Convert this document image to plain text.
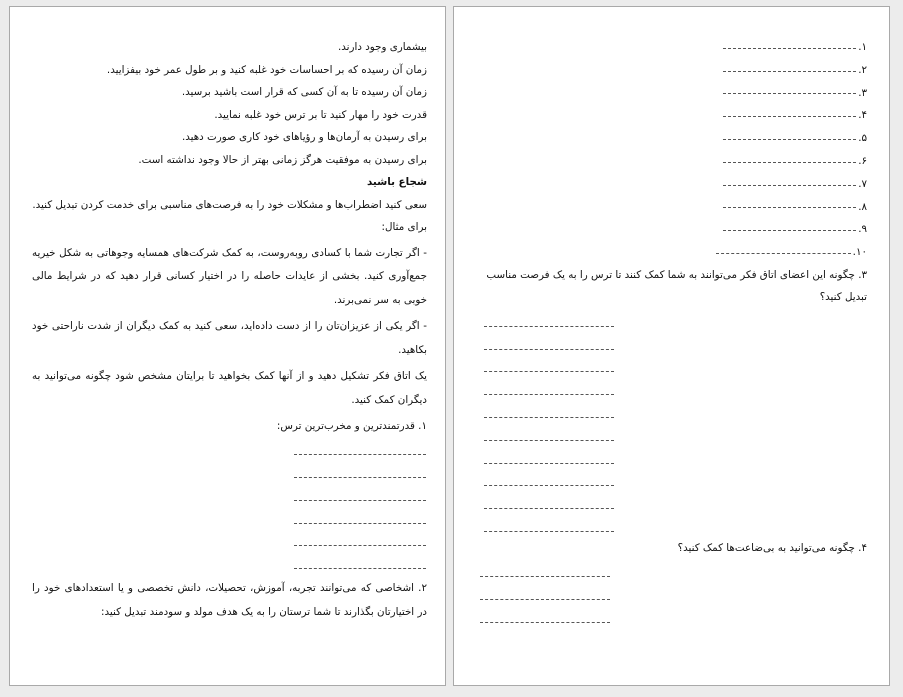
بیشماری وجود دارند.

زمان آن رسیده که بر احساسات خود غلبه کنید و بر طول عمر خود بیفزایید.

زمان آن رسیده تا به آن کسی که قرار است باشید برسید.

قدرت خود را مهار کنید تا بر ترس خود غلبه نمایید.

برای رسیدن به آرمان‌ها و رؤیاهای خود کاری صورت دهید.

برای رسیدن به موفقیت هرگز زمانی بهتر از حالا وجود نداشته است.

شجاع باشید

سعی کنید اضطراب‌ها و مشکلات خود را به فرصت‌های مناسبی برای خدمت کردن تبدیل کنید.

برای مثال:

- اگر تجارت شما با کسادی روبه‌روست، به کمک شرکت‌های همسایه وجوهاتی به شکل خیریه جمع‌آوری کنید. بخشی از عایدات حاصله را در اختیار کسانی قرار دهید که در شرایط مالی خوبی به سر نمی‌برند.

- اگر یکی از عزیزان‌تان را از دست داده‌اید، سعی کنید به کمک دیگران از شدت ناراحتی خود بکاهید.

یک اتاق فکر تشکیل دهید و از آنها کمک بخواهید تا برایتان مشخص شود چگونه می‌توانید به دیگران کمک کنید.

۱. قدرتمندترین و مخرب‌ترین ترس:

۲. اشخاصی که می‌توانند تجربه، آموزش، تحصیلات، دانش تخصصی و یا استعدادهای خود را در اختیارتان بگذارند تا شما ترستان را به یک هدف مولد و سودمند تبدیل کنید:

۱.
۲.
۳.
۴.
۵.
۶.
۷.
۸.
۹.
۱۰.

۳. چگونه این اعضای اتاق فکر می‌توانند به شما کمک کنند تا ترس را به یک فرصت مناسب تبدیل کنید؟

۴. چگونه می‌توانید به بی‌ضاعت‌ها کمک کنید؟
